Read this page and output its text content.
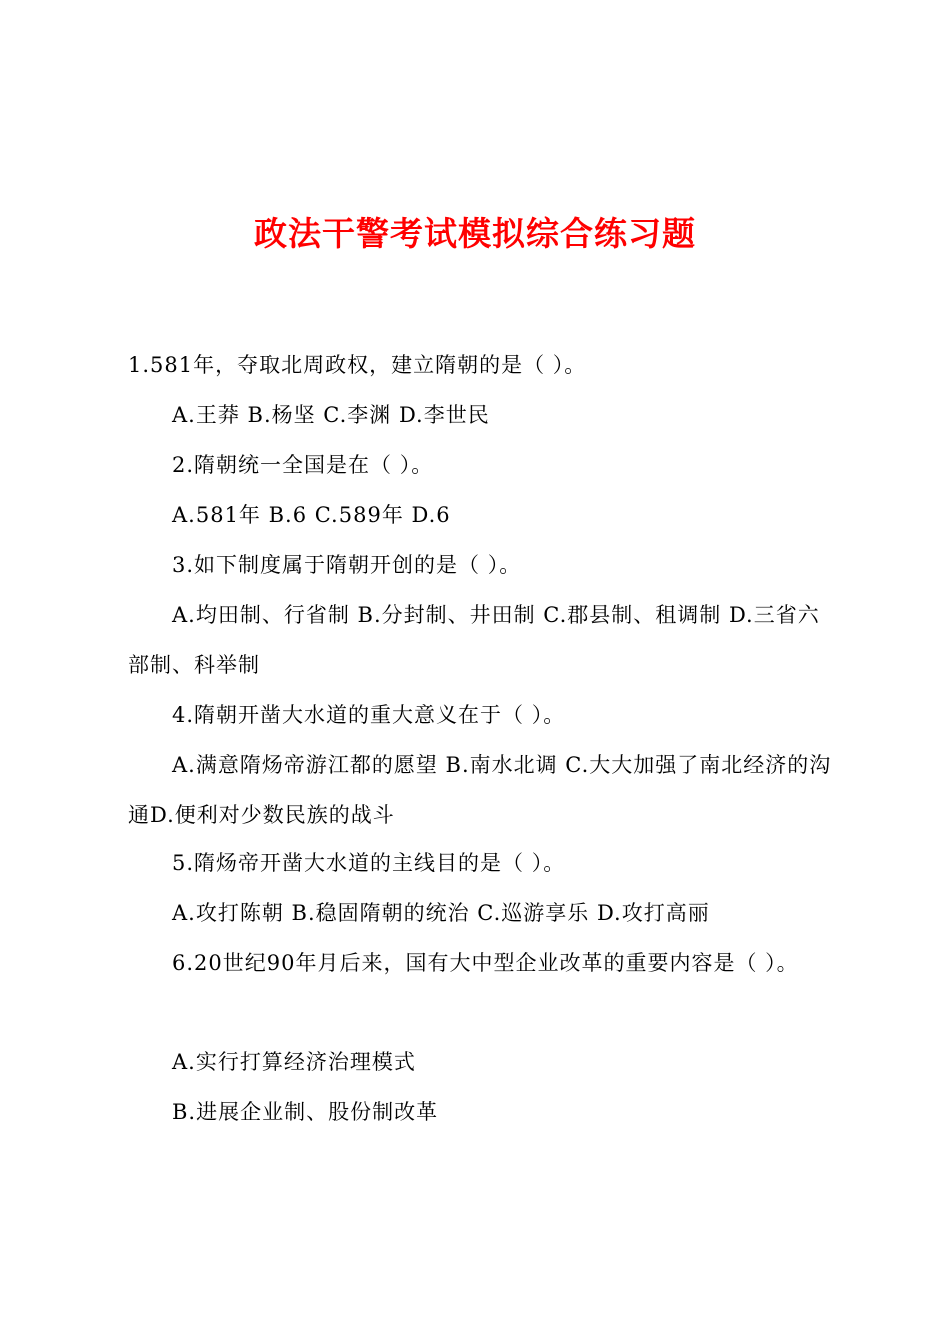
政法干警考试模拟综合练习题
1.581年，夺取北周政权，建立隋朝的是（ ）。
A.王莽 B.杨坚 C.李渊 D.李世民
2.隋朝统一全国是在（ ）。
A.581年 B.6 C.589年 D.6
3.如下制度属于隋朝开创的是（ ）。
A.均田制、行省制 B.分封制、井田制 C.郡县制、租调制 D.三省六部制、科举制
4.隋朝开凿大水道的重大意义在于（ ）。
A.满意隋炀帝游江都的愿望 B.南水北调 C.大大加强了南北经济的沟通D.便利对少数民族的战斗
5.隋炀帝开凿大水道的主线目的是（ ）。
A.攻打陈朝 B.稳固隋朝的统治 C.巡游享乐 D.攻打高丽
6.20世纪90年月后来，国有大中型企业改革的重要内容是（ ）。
A.实行打算经济治理模式
B.进展企业制、股份制改革
